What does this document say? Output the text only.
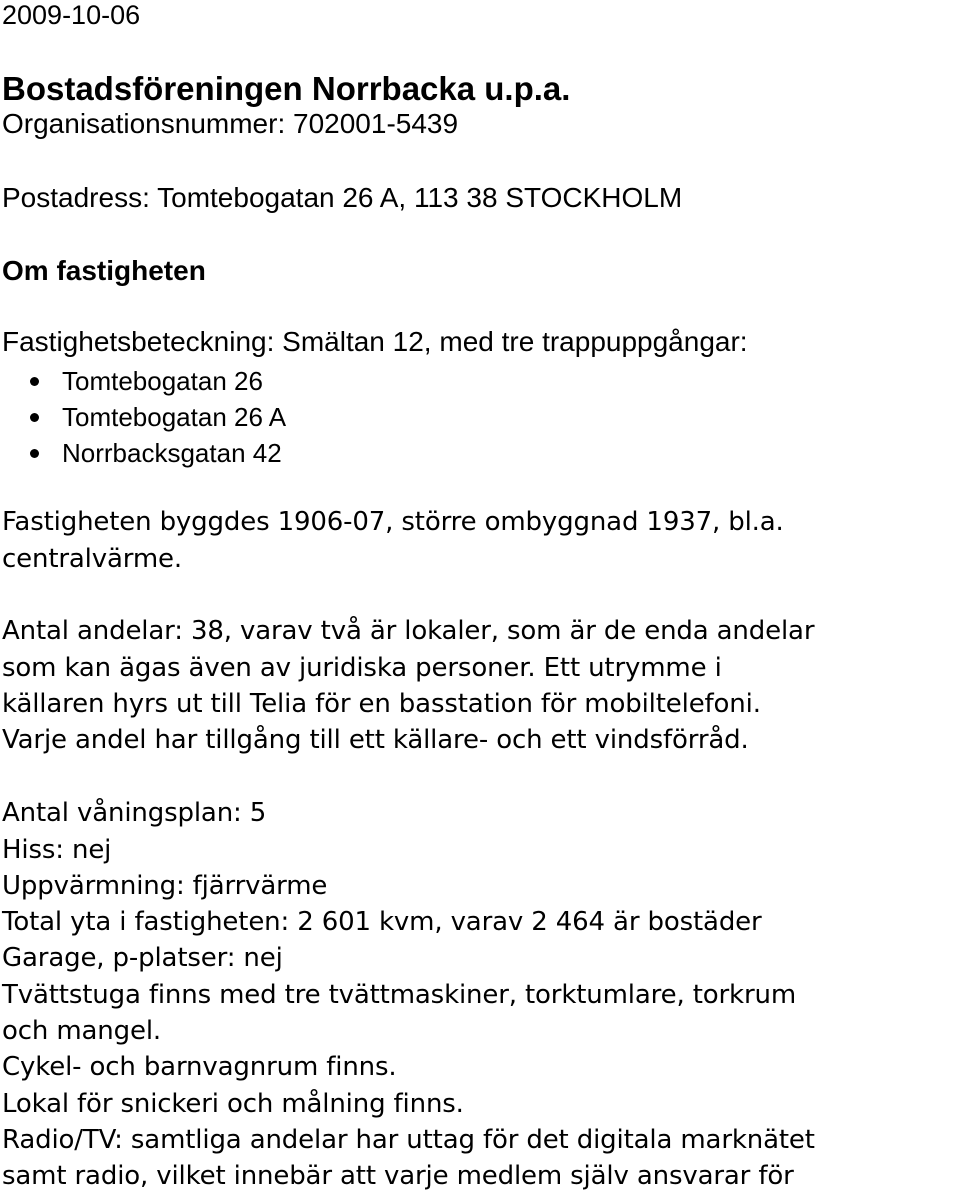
2009-10-06
Bostadsföreningen Norrbacka u.p.a.
Organisationsnummer: 702001-5439
Postadress: Tomtebogatan 26 A, 113 38 STOCKHOLM
Om fastigheten
Fastighetsbeteckning: Smältan 12, med tre trappuppgångar:
Tomtebogatan 26
Tomtebogatan 26 A
Norrbacksgatan 42
Fastigheten byggdes 1906-07, större ombyggnad 1937, bl.a.
centralvärme.
Antal andelar: 38, varav två är lokaler, som är de enda andelar
som kan ägas även av juridiska personer. Ett utrymme i
källaren hyrs ut till Telia för en basstation för mobiltelefoni.
Varje andel har tillgång till ett källare- och ett vindsförråd.
Antal våningsplan: 5
Hiss: nej
Uppvärmning: fjärrvärme
Total yta i fastigheten: 2 601 kvm, varav 2 464 är bostäder
Garage, p-platser: nej
Tvättstuga finns med tre tvättmaskiner, torktumlare, torkrum
och mangel.
Cykel- och barnvagnrum finns.
Lokal för snickeri och målning finns.
Radio/TV: samtliga andelar har uttag för det digitala marknätet
samt radio, vilket innebär att varje medlem själv ansvarar för
